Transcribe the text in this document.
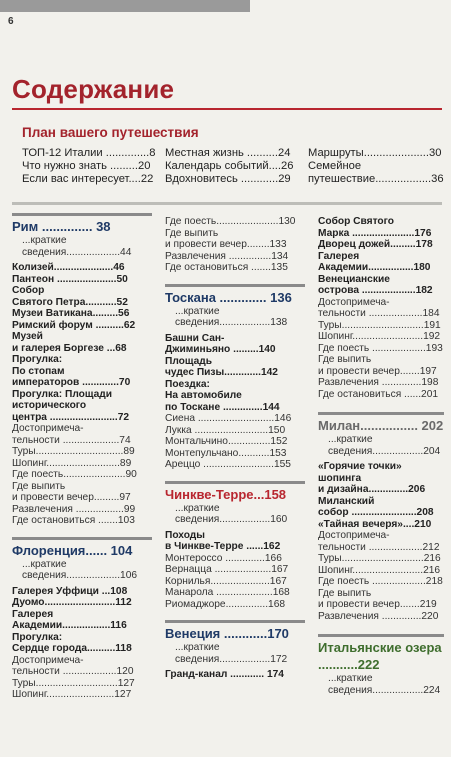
6
Содержание
План вашего путешествия
ТОП-12 Италии ..............8
Что нужно знать .........20
Если вас интересует....22
Местная жизнь ..........24
Календарь событий....26
Вдохновитесь ............29
Маршруты.....................30
Семейное
путешествие..................36
Рим .............. 38
...краткие
сведения...................44
Колизей.....................46
Пантеон .....................50
Собор
Святого Петра...........52
Музеи Ватикана.........56
Римский форум ..........62
Музей
и галерея Боргезе ...68
Прогулка:
По стопам
императоров .............70
Прогулка: Площади
исторического
центра ........................72
Достопримеча-
тельности ....................74
Туры...............................89
Шопинг..........................89
Где поесть......................90
Где выпить
и провести вечер.........97
Развлечения .................99
Где остановиться .......103
Флоренция...... 104
...краткие
сведения...................106
Галерея Уффици ...108
Дуомо.........................112
Галерея
Академии.................116
Прогулка:
Сердце города..........118
Достопримеча-
тельности ...................120
Туры.............................127
Шопинг........................127
Где поесть......................130
Где выпить
и провести вечер........133
Развлечения ...............134
Где остановиться .......135
Тоскана ............. 136
...краткие
сведения..................138
Башни Сан-
Джиминьяно .........140
Площадь
чудес Пизы.............142
Поездка:
На автомобиле
по Тоскане ..............144
Сиена ...........................146
Лукка ..........................150
Монтальчино...............152
Монтепульчано...........153
Ареццо .........................155
Чинкве-Терре...158
...краткие
сведения..................160
Походы
в Чинкве-Терре ......162
Монтероссо ..............166
Вернацца ....................167
Корнилья.....................167
Манарола ....................168
Риомаджоре...............168
Венеция ............170
...краткие
сведения..................172
Гранд-канал ............ 174
Собор Святого
Марка ......................176
Дворец дожей.........178
Галерея
Академии................180
Венецианские
острова ...................182
Достопримеча-
тельности ...................184
Туры.............................191
Шопинг.........................192
Где поесть ...................193
Где выпить
и провести вечер.......197
Развлечения ..............198
Где остановиться ......201
Милан................ 202
...краткие
сведения..................204
«Горячие точки»
шопинга
и дизайна..............206
Миланский
собор .......................208
«Тайная вечеря»....210
Достопримеча-
тельности ...................212
Туры.............................216
Шопинг.........................216
Где поесть ...................218
Где выпить
и провести вечер.......219
Развлечения ..............220
Итальянские озера ...........222
...краткие
сведения..................224
